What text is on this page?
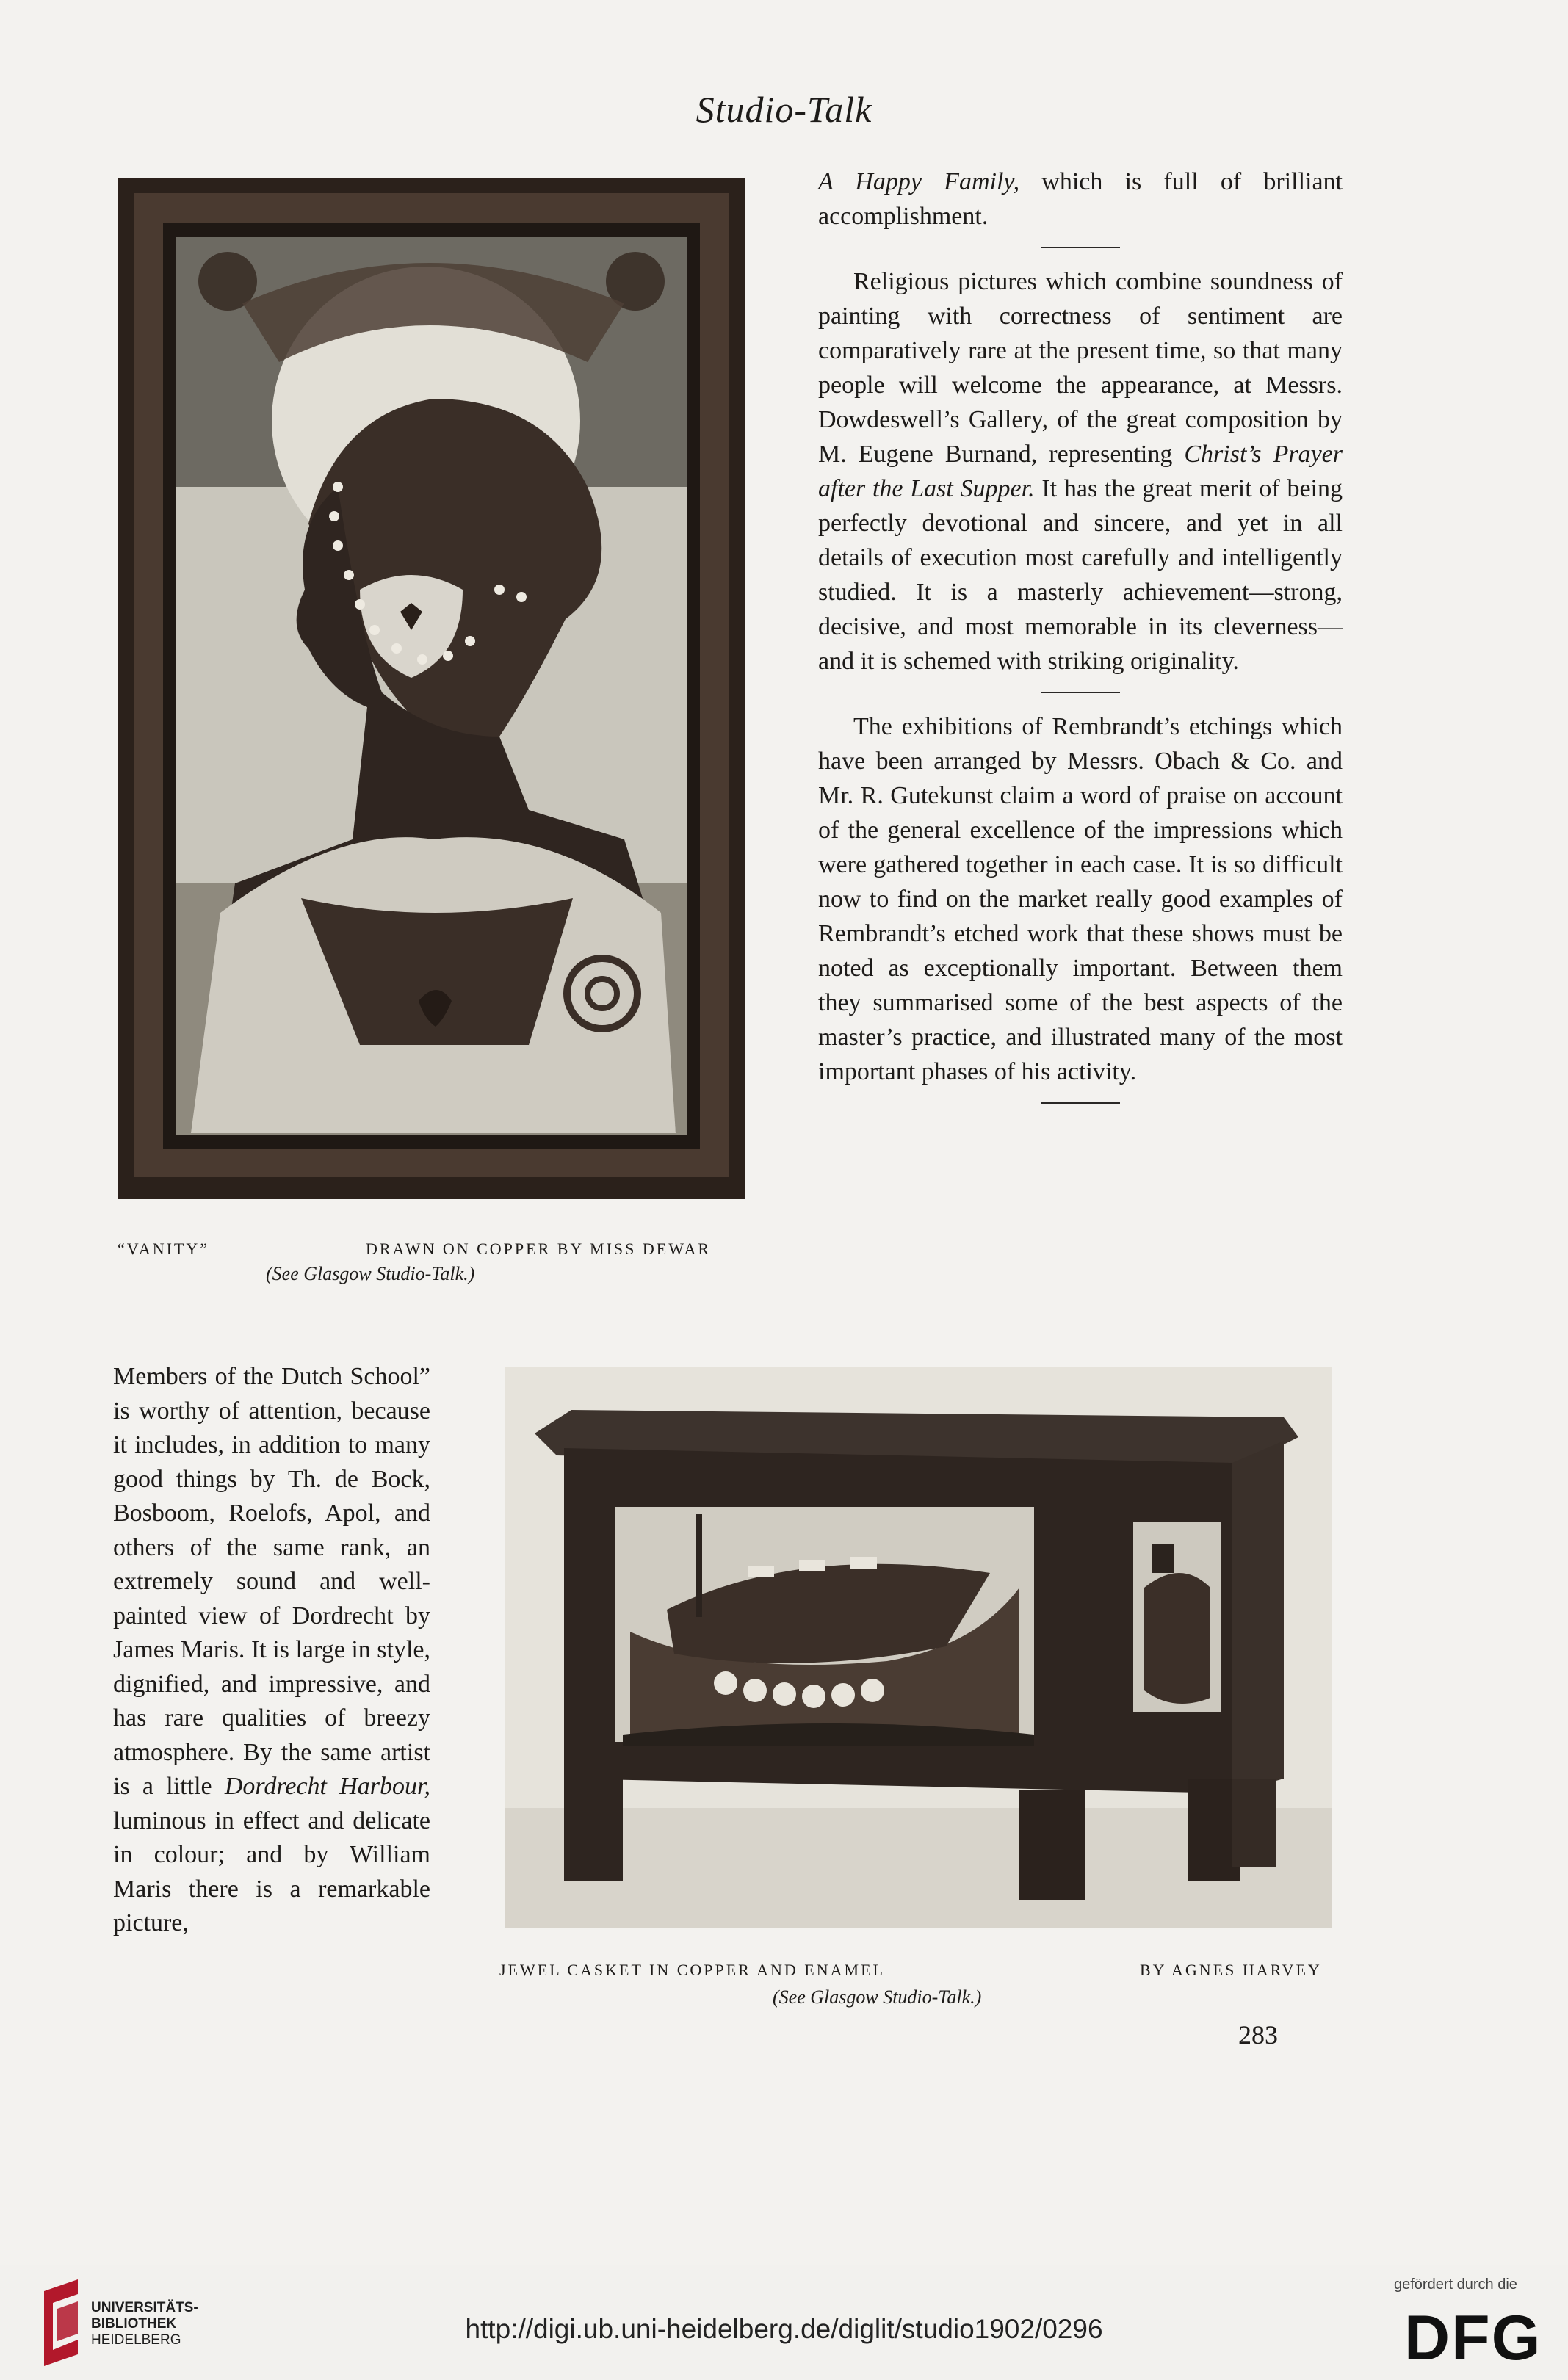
Studio-Talk
“VANITY”	DRAWN ON COPPER BY MISS DEWAR
(See Glasgow Studio-Talk.)

A Happy Family, which is full of brilliant accomplishment.

Religious pictures which combine soundness of painting with correctness of sentiment are comparatively rare at the present time, so that many people will welcome the appearance, at Messrs. Dowdeswell’s Gallery, of the great composition by M. Eugene Burnand, representing Christ’s Prayer after the Last Supper. It has the great merit of being perfectly devotional and sincere, and yet in all details of execution most carefully and intelligently studied. It is a masterly achievement—strong, decisive, and most memorable in its cleverness—and it is schemed with striking originality.

The exhibitions of Rembrandt’s etchings which have been arranged by Messrs. Obach & Co. and Mr. R. Gutekunst claim a word of praise on account of the general excellence of the impressions which were gathered together in each case. It is so difficult now to find on the market really good examples of Rembrandt’s etched work that these shows must be noted as exceptionally important. Between them they summarised some of the best aspects of the master’s practice, and illustrated many of the most important phases of his activity.

Members of the Dutch School” is worthy of attention, because it includes, in addition to many good things by Th. de Bock, Bosboom, Roelofs, Apol, and others of the same rank, an extremely sound and well-painted view of Dordrecht by James Maris. It is large in style, dignified, and impressive, and has rare qualities of breezy atmosphere. By the same artist is a little Dordrecht Harbour, luminous in effect and delicate in colour; and by William Maris there is a remarkable picture,

JEWEL CASKET IN COPPER AND ENAMEL	BY AGNES HARVEY
(See Glasgow Studio-Talk.)
283
UNIVERSITÄTS-
BIBLIOTHEK
HEIDELBERG	http://digi.ub.uni-heidelberg.de/diglit/studio1902/0296
gefördert durch die
DFG
